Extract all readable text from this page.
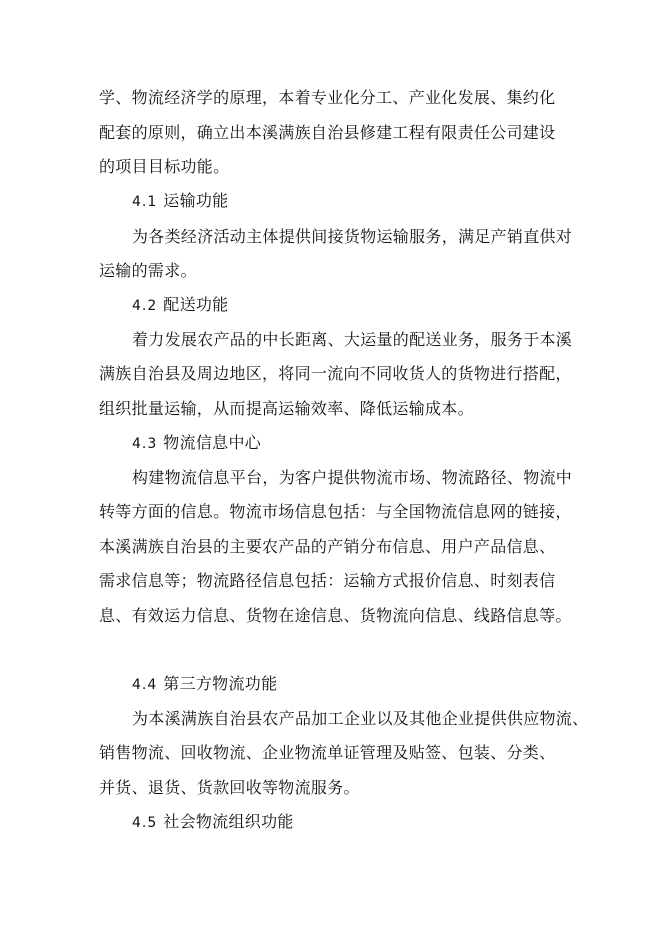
学、物流经济学的原理，本着专业化分工、产业化发展、集约化
配套的原则，确立出本溪满族自治县修建工程有限责任公司建设
的项目目标功能。
4.1 运输功能
为各类经济活动主体提供间接货物运输服务，满足产销直供对
运输的需求。
4.2 配送功能
着力发展农产品的中长距离、大运量的配送业务，服务于本溪
满族自治县及周边地区，将同一流向不同收货人的货物进行搭配，
组织批量运输，从而提高运输效率、降低运输成本。
4.3 物流信息中心
构建物流信息平台，为客户提供物流市场、物流路径、物流中
转等方面的信息。物流市场信息包括：与全国物流信息网的链接，
本溪满族自治县的主要农产品的产销分布信息、用户产品信息、
需求信息等；物流路径信息包括：运输方式报价信息、时刻表信
息、有效运力信息、货物在途信息、货物流向信息、线路信息等。
4.4 第三方物流功能
为本溪满族自治县农产品加工企业以及其他企业提供供应物流、
销售物流、回收物流、企业物流单证管理及贴签、包装、分类、
并货、退货、货款回收等物流服务。
4.5 社会物流组织功能
